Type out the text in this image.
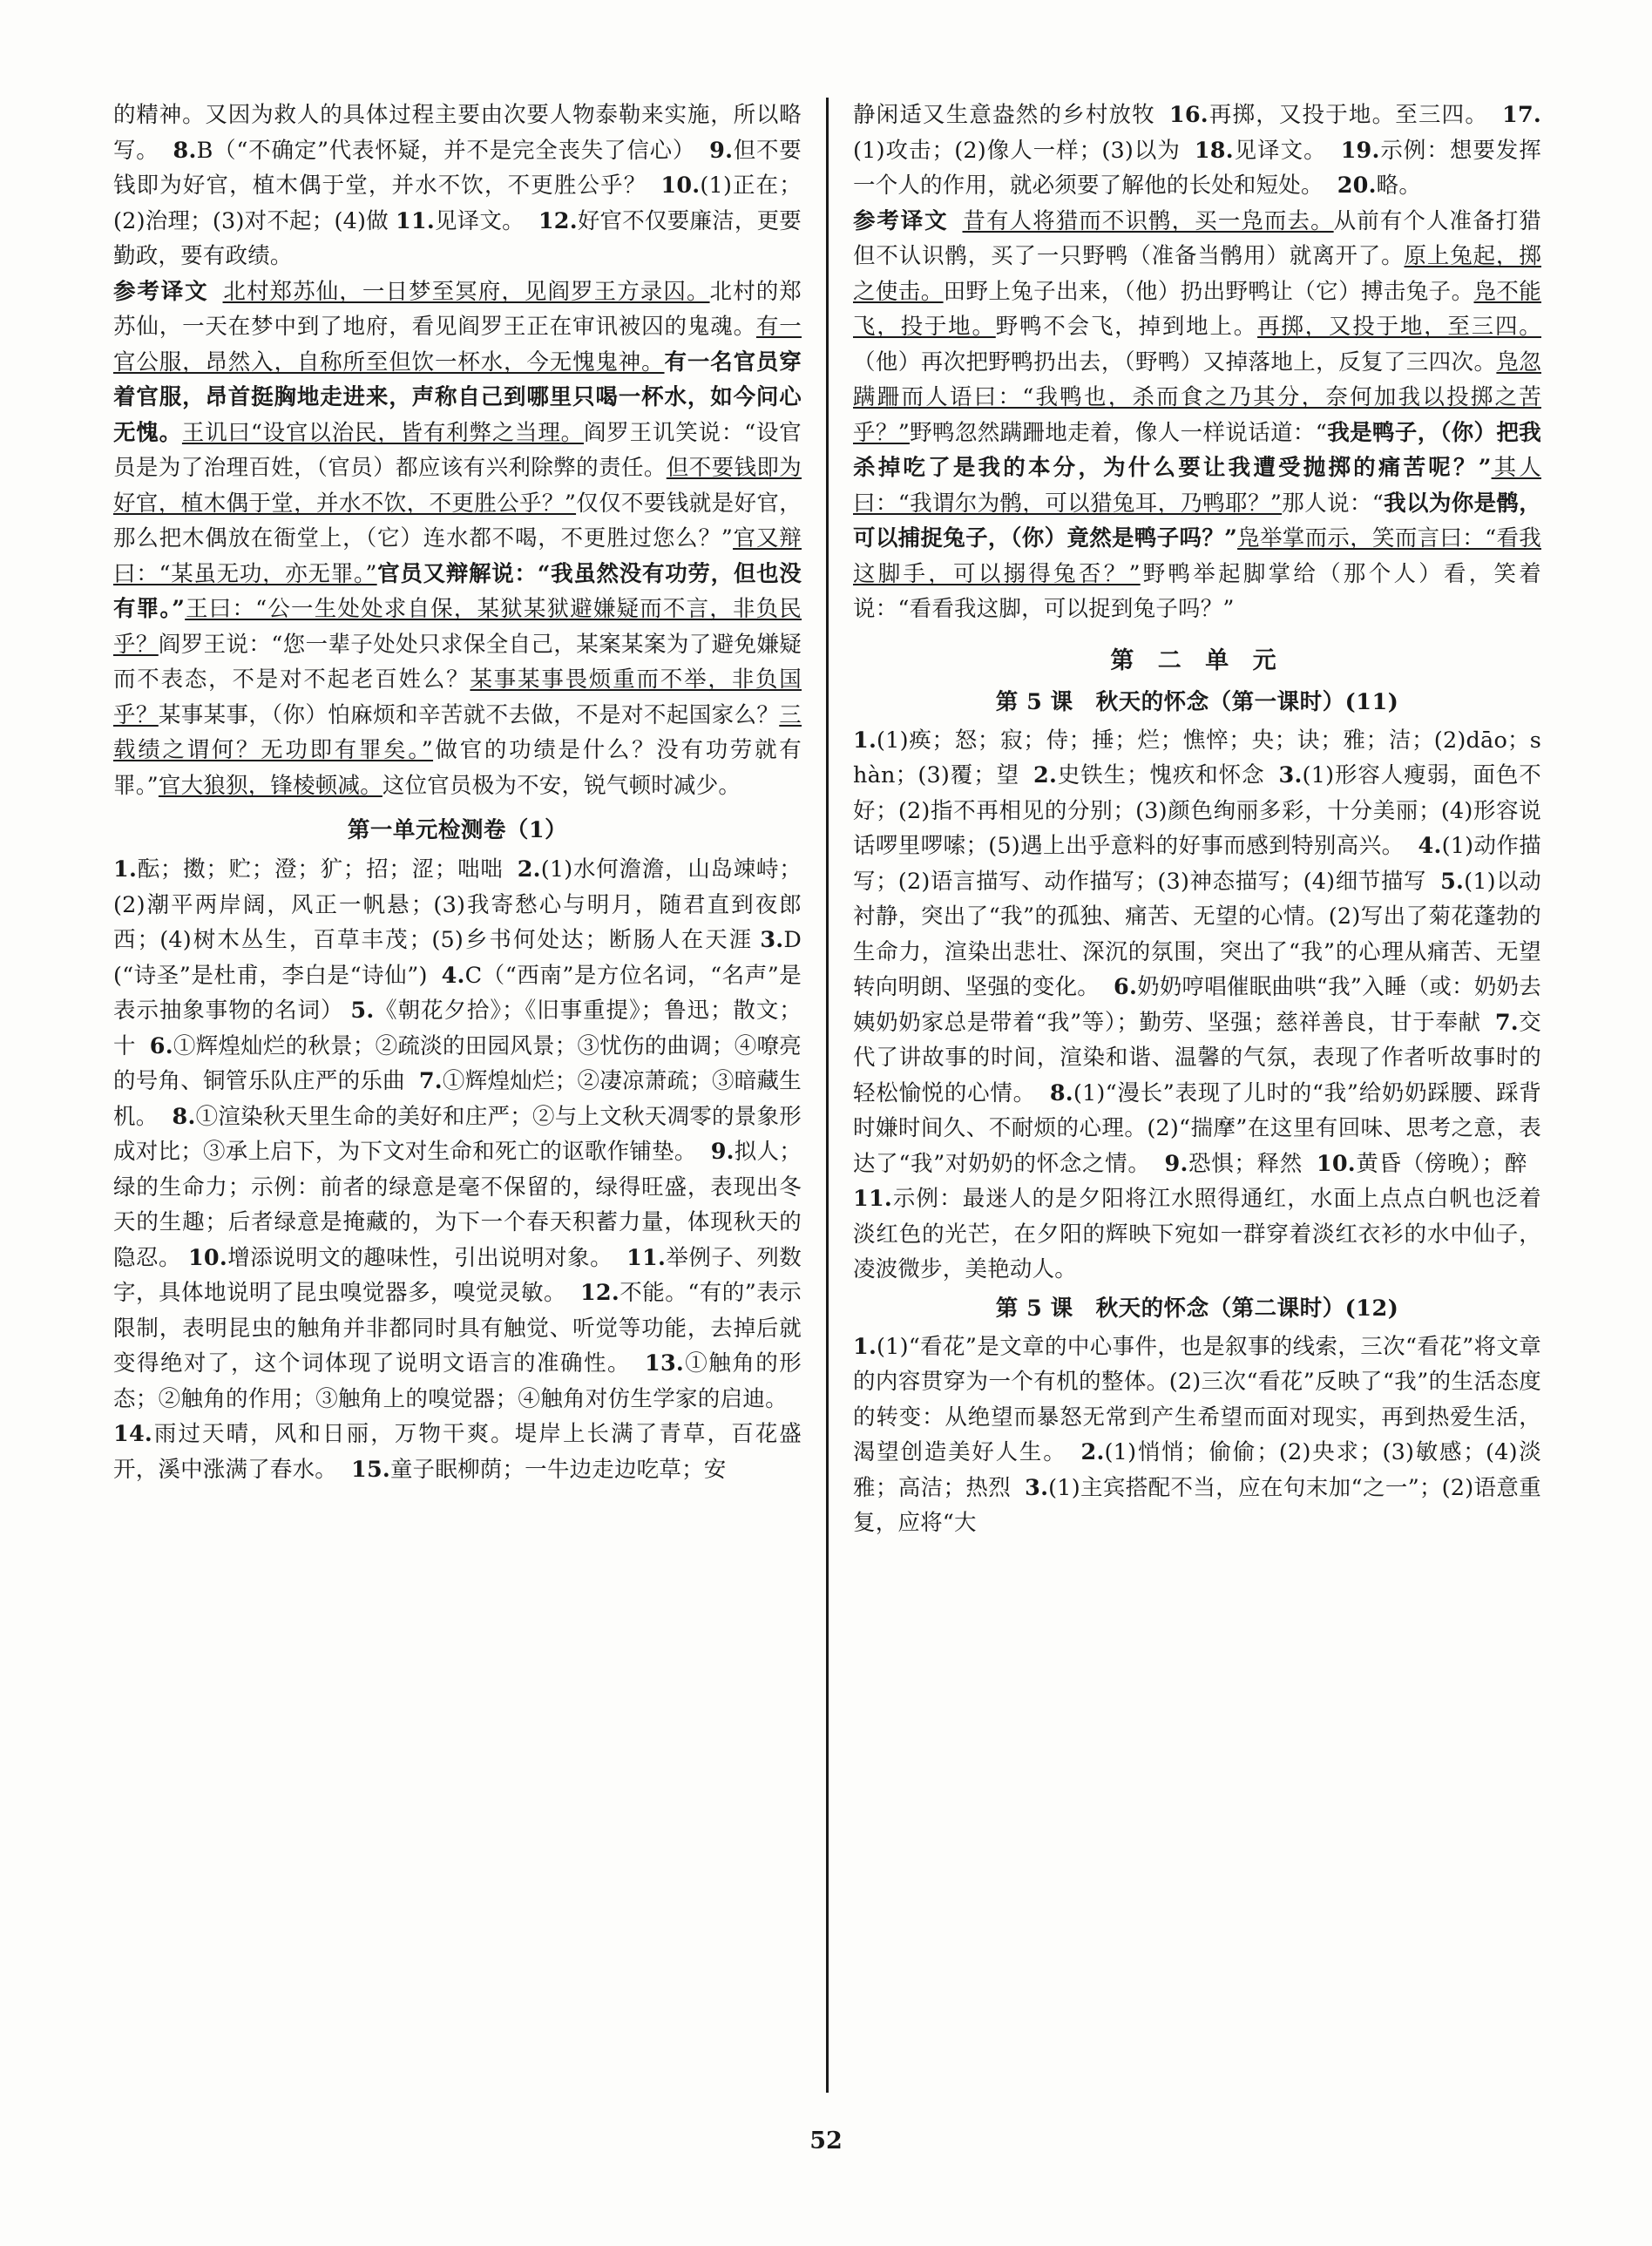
的精神。又因为救人的具体过程主要由次要人物泰勒来实施，所以略写。 8.B（“不确定”代表怀疑，并不是完全丧失了信心） 9.但不要钱即为好官，植木偶于堂，并水不饮，不更胜公乎？ 10.(1)正在；(2)治理；(3)对不起；(4)做 11.见译文。 12.好官不仅要廉洁，更要勤政，要有政绩。

参考译文 北村郑苏仙，一日梦至冥府，见阎罗王方录囚。北村的郑苏仙，一天在梦中到了地府，看见阎罗王正在审讯被囚的鬼魂。有一官公服，昂然入，自称所至但饮一杯水，今无愧鬼神。有一名官员穿着官服，昂首挺胸地走进来，声称自己到哪里只喝一杯水，如今问心无愧。王讥曰“设官以治民，皆有利弊之当理。阎罗王讥笑说：“设官员是为了治理百姓，（官员）都应该有兴利除弊的责任。但不要钱即为好官，植木偶于堂，并水不饮，不更胜公乎？”仅仅不要钱就是好官，那么把木偶放在衙堂上，（它）连水都不喝，不更胜过您么？”官又辩曰：“某虽无功，亦无罪。”官员又辩解说：“我虽然没有功劳，但也没有罪。”王曰：“公一生处处求自保，某狱某狱避嫌疑而不言，非负民乎？阎罗王说：“您一辈子处处只求保全自己，某案某案为了避免嫌疑而不表态，不是对不起老百姓么？某事某事畏烦重而不举，非负国乎？某事某事，（你）怕麻烦和辛苦就不去做，不是对不起国家么？三载绩之谓何？无功即有罪矣。”做官的功绩是什么？没有功劳就有罪。”官大狼狈，锋棱顿减。这位官员极为不安，锐气顿时减少。

第一单元检测卷（1）

1.酝；擞；贮；澄；犷；招；涩；咄咄 2.(1)水何澹澹，山岛竦峙；(2)潮平两岸阔，风正一帆悬；(3)我寄愁心与明月，随君直到夜郎西；(4)树木丛生，百草丰茂；(5)乡书何处达；断肠人在天涯 3.D(“诗圣”是杜甫，李白是“诗仙”) 4.C（“西南”是方位名词，“名声”是表示抽象事物的名词） 5.《朝花夕拾》；《旧事重提》；鲁迅；散文；十 6.①辉煌灿烂的秋景；②疏淡的田园风景；③忧伤的曲调；④嘹亮的号角、铜管乐队庄严的乐曲 7.①辉煌灿烂；②凄凉萧疏；③暗藏生机。 8.①渲染秋天里生命的美好和庄严；②与上文秋天凋零的景象形成对比；③承上启下，为下文对生命和死亡的讴歌作铺垫。 9.拟人；绿的生命力；示例：前者的绿意是毫不保留的，绿得旺盛，表现出冬天的生趣；后者绿意是掩藏的，为下一个春天积蓄力量，体现秋天的隐忍。 10.增添说明文的趣味性，引出说明对象。 11.举例子、列数字，具体地说明了昆虫嗅觉器多，嗅觉灵敏。 12.不能。“有的”表示限制，表明昆虫的触角并非都同时具有触觉、听觉等功能，去掉后就变得绝对了，这个词体现了说明文语言的准确性。 13.①触角的形态；②触角的作用；③触角上的嗅觉器；④触角对仿生学家的启迪。14.雨过天晴，风和日丽，万物干爽。堤岸上长满了青草，百花盛开，溪中涨满了春水。 15.童子眠柳荫；一牛边走边吃草；安

静闲适又生意盎然的乡村放牧 16.再掷，又投于地。至三四。 17.(1)攻击；(2)像人一样；(3)以为 18.见译文。 19.示例：想要发挥一个人的作用，就必须要了解他的长处和短处。 20.略。

参考译文 昔有人将猎而不识鹘，买一凫而去。从前有个人准备打猎但不认识鹘，买了一只野鸭（准备当鹘用）就离开了。原上兔起，掷之使击。田野上兔子出来，（他）扔出野鸭让（它）搏击兔子。凫不能飞，投于地。野鸭不会飞，掉到地上。再掷，又投于地，至三四。（他）再次把野鸭扔出去，（野鸭）又掉落地上，反复了三四次。凫忽蹒跚而人语曰：“我鸭也，杀而食之乃其分，奈何加我以投掷之苦乎？”野鸭忽然蹒跚地走着，像人一样说话道：“我是鸭子，（你）把我杀掉吃了是我的本分，为什么要让我遭受抛掷的痛苦呢？”其人曰：“我谓尔为鹘，可以猎兔耳，乃鸭耶？”那人说：“我以为你是鹘，可以捕捉兔子，（你）竟然是鸭子吗？”凫举掌而示，笑而言曰：“看我这脚手，可以搦得兔否？”野鸭举起脚掌给（那个人）看，笑着说：“看看我这脚，可以捉到兔子吗？”

第 二 单 元
第 5 课　秋天的怀念（第一课时）(11)

1.(1)痪；怒；寂；侍；捶；烂；憔悴；央；诀；雅；洁；(2)dāo；shàn；(3)覆；望 2.史铁生；愧疚和怀念 3.(1)形容人瘦弱，面色不好；(2)指不再相见的分别；(3)颜色绚丽多彩，十分美丽；(4)形容说话啰里啰嗦；(5)遇上出乎意料的好事而感到特别高兴。 4.(1)动作描写；(2)语言描写、动作描写；(3)神态描写；(4)细节描写 5.(1)以动衬静，突出了“我”的孤独、痛苦、无望的心情。(2)写出了菊花蓬勃的生命力，渲染出悲壮、深沉的氛围，突出了“我”的心理从痛苦、无望转向明朗、坚强的变化。 6.奶奶哼唱催眠曲哄“我”入睡（或：奶奶去姨奶奶家总是带着“我”等）；勤劳、坚强；慈祥善良，甘于奉献 7.交代了讲故事的时间，渲染和谐、温馨的气氛，表现了作者听故事时的轻松愉悦的心情。 8.(1)“漫长”表现了儿时的“我”给奶奶踩腰、踩背时嫌时间久、不耐烦的心理。(2)“揣摩”在这里有回味、思考之意，表达了“我”对奶奶的怀念之情。 9.恐惧；释然 10.黄昏（傍晚）；醉11.示例：最迷人的是夕阳将江水照得通红，水面上点点白帆也泛着淡红色的光芒，在夕阳的辉映下宛如一群穿着淡红衣衫的水中仙子，凌波微步，美艳动人。

第 5 课　秋天的怀念（第二课时）(12)

1.(1)“看花”是文章的中心事件，也是叙事的线索，三次“看花”将文章的内容贯穿为一个有机的整体。(2)三次“看花”反映了“我”的生活态度的转变：从绝望而暴怒无常到产生希望而面对现实，再到热爱生活，渴望创造美好人生。 2.(1)悄悄；偷偷；(2)央求；(3)敏感；(4)淡雅；高洁；热烈 3.(1)主宾搭配不当，应在句末加“之一”；(2)语意重复，应将“大

52
